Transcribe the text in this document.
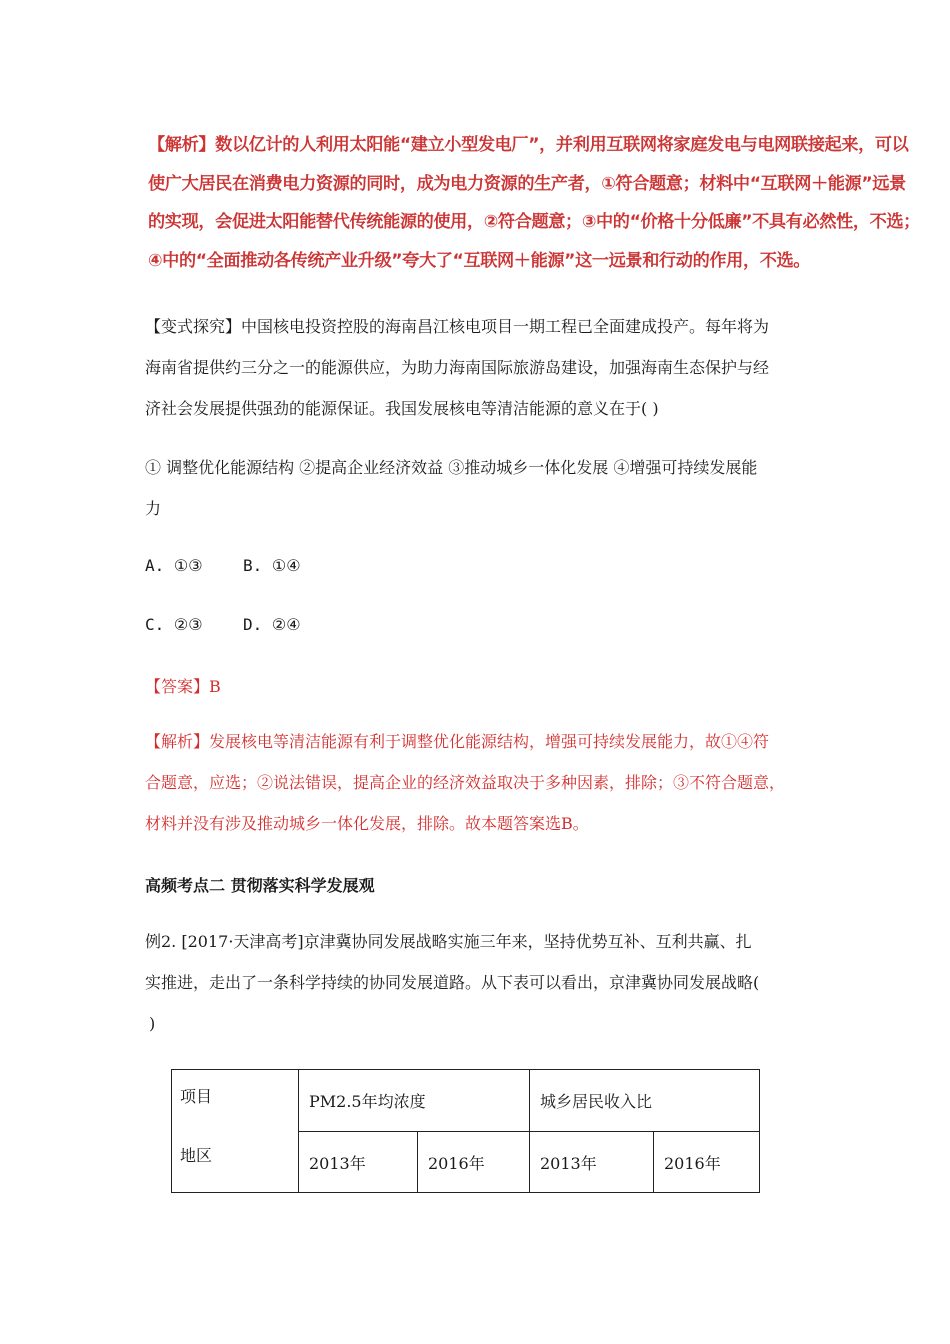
【解析】数以亿计的人利用太阳能“建立小型发电厂”，并利用互联网将家庭发电与电网联接起来，可以
使广大居民在消费电力资源的同时，成为电力资源的生产者，①符合题意；材料中“互联网＋能源”远景
的实现，会促进太阳能替代传统能源的使用，②符合题意；③中的“价格十分低廉”不具有必然性，不选；
④中的“全面推动各传统产业升级”夸大了“互联网＋能源”这一远景和行动的作用，不选。
【变式探究】中国核电投资控股的海南昌江核电项目一期工程已全面建成投产。每年将为
海南省提供约三分之一的能源供应，为助力海南国际旅游岛建设，加强海南生态保护与经
济社会发展提供强劲的能源保证。我国发展核电等清洁能源的意义在于( )
① 调整优化能源结构 ②提高企业经济效益 ③推动城乡一体化发展 ④增强可持续发展能
力
A. ①③	B. ①④
C. ②③	D. ②④
【答案】B
【解析】发展核电等清洁能源有利于调整优化能源结构，增强可持续发展能力，故①④符
合题意，应选；②说法错误，提高企业的经济效益取决于多种因素，排除；③不符合题意，
材料并没有涉及推动城乡一体化发展，排除。故本题答案选B。
高频考点二 贯彻落实科学发展观
例2. [2017·天津高考]京津冀协同发展战略实施三年来，坚持优势互补、互利共赢、扎
实推进，走出了一条科学持续的协同发展道路。从下表可以看出，京津冀协同发展战略(
)
项目
地区	PM2.5年均浓度		城乡居民收入比	
	2013年	2016年	2013年	2016年
